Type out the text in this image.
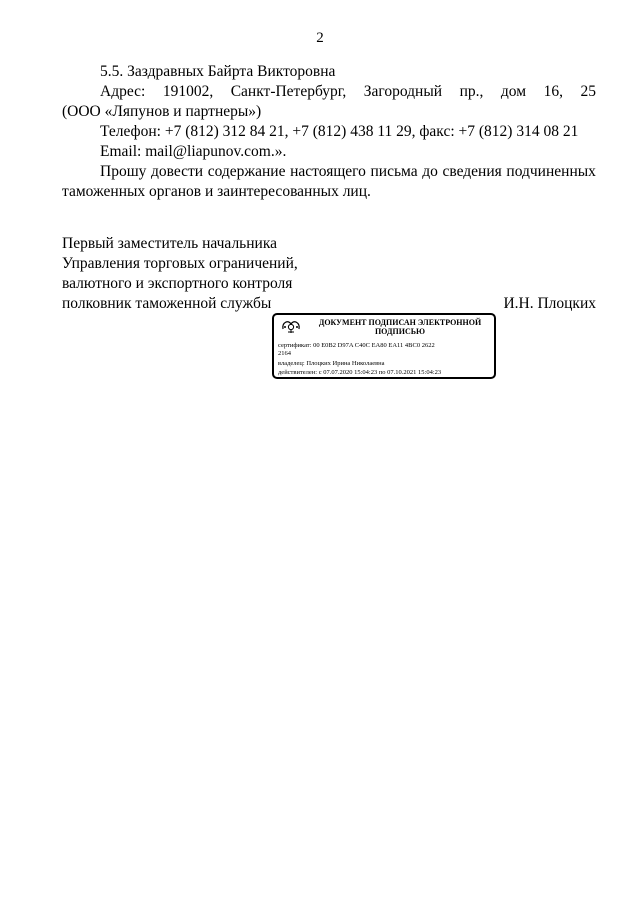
2
5.5. Заздравных Байрта Викторовна
Адрес: 191002, Санкт-Петербург, Загородный пр., дом 16, 25
(ООО «Ляпунов и партнеры»)
Телефон: +7 (812) 312 84 21, +7 (812) 438 11 29, факс: +7 (812) 314 08 21
Email: mail@liapunov.com.».
Прошу довести содержание настоящего письма до сведения подчиненных
таможенных органов и заинтересованных лиц.
Первый заместитель начальника
Управления торговых ограничений,
валютного и экспортного контроля
полковник таможенной службы	И.Н. Плоцких
ДОКУМЕНТ ПОДПИСАН ЭЛЕКТРОННОЙ
ПОДПИСЬЮ
сертификат: 00 E0B2 D97A C40C EA80 EA11 4BC0 2622
2164
владелец: Плоцких Ирина Николаевна
действителен: с 07.07.2020 15:04:23 по 07.10.2021 15:04:23
